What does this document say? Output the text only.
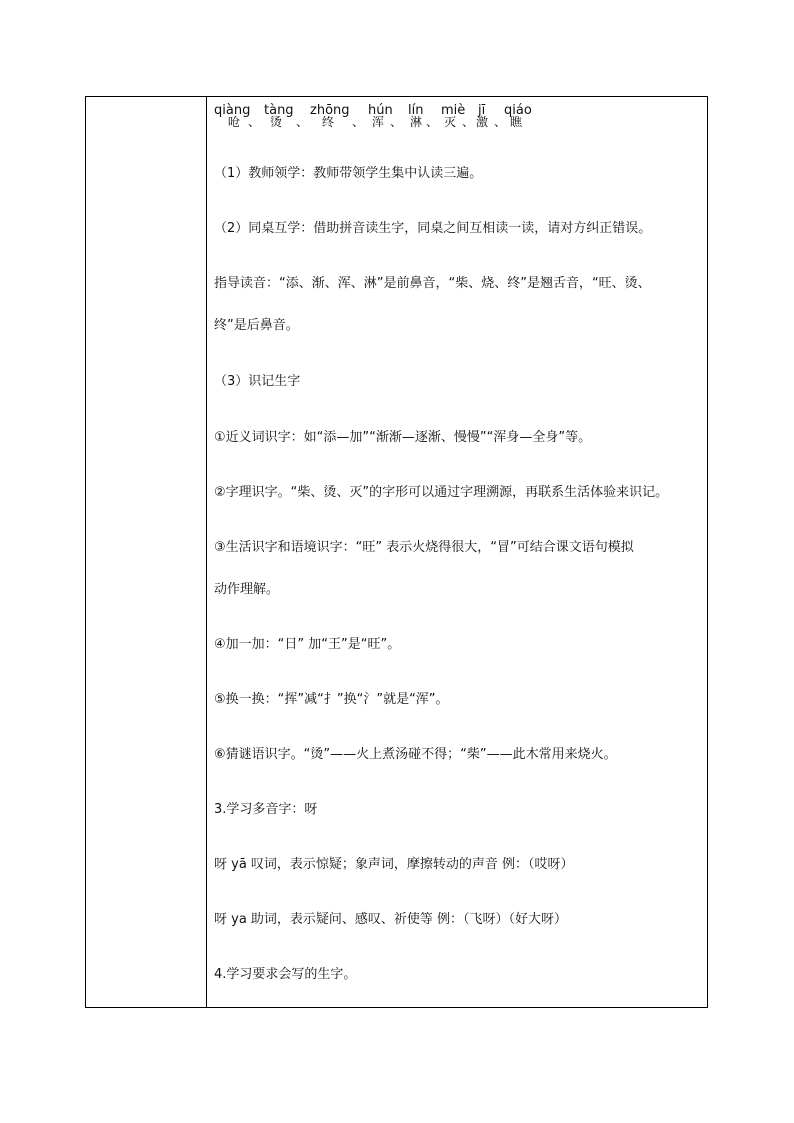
qiàng tàng zhōng hún lín miè jī qiáo
呛 、 烫 、 终 、 浑 、 淋 、 灭 、 激 、 瞧
（1）教师领学：教师带领学生集中认读三遍。
（2）同桌互学：借助拼音读生字，同桌之间互相读一读，请对方纠正错误。
指导读音：“添、渐、浑、淋”是前鼻音，“柴、烧、终”是翘舌音，“旺、烫、
终”是后鼻音。
（3）识记生字
①近义词识字：如“添—加”“渐渐—逐渐、慢慢”“浑身—全身”等。
②字理识字。“柴、烫、灭”的字形可以通过字理溯源，再联系生活体验来识记。
③生活识字和语境识字：“旺” 表示火烧得很大，“冒”可结合课文语句模拟
动作理解。
④加一加：“日” 加“王”是“旺”。
⑤换一换：“挥”减“扌”换“氵”就是“浑”。
⑥猜谜语识字。“烫”——火上煮汤碰不得；“柴”——此木常用来烧火。
3.学习多音字：呀
呀 yā 叹词，表示惊疑；象声词，摩擦转动的声音 例：（哎呀）
呀 ya 助词，表示疑问、感叹、祈使等 例：（飞呀）（好大呀）
4.学习要求会写的生字。
